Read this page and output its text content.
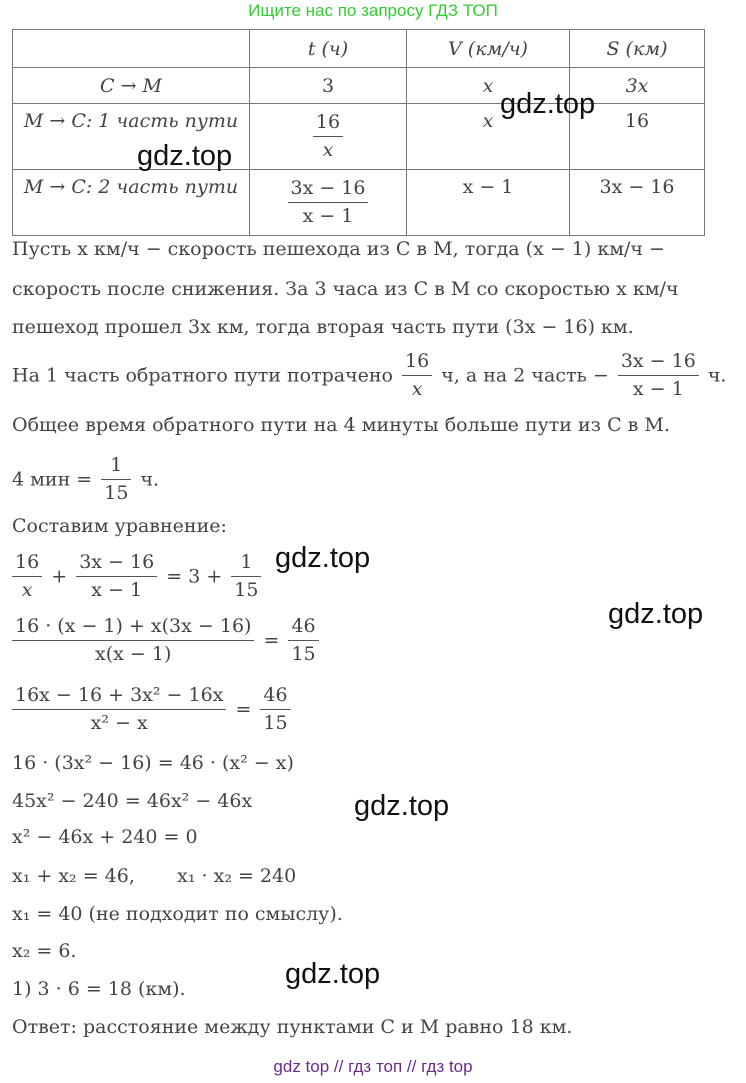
Ищите нас по запросу ГДЗ ТОП
	t (ч)	V (км/ч)	S (км)
C → M	3	x	3x
M → C: 1 часть пути	$\frac{16}{x}$	x	16
M → C: 2 часть пути	$\frac{3x - 16}{x - 1}$	x − 1	3x − 16
Пусть x км/ч − скорость пешехода из С в М, тогда (x − 1) км/ч −
скорость после снижения. За 3 часа из С в М со скоростью x км/ч
пешеход прошел 3x км, тогда вторая часть пути (3x − 16) км.
На 1 часть обратного пути потрачено $\frac{16}{x} ч$, а на 2 часть − $\frac{3x - 16}{x - 1} ч$.
Общее время обратного пути на 4 минуты больше пути из С в М.
4 мин = $\frac{1}{15} ч$.
Составим уравнение:
$\frac{16}{x} + \frac{3x - 16}{x - 1} = 3 + \frac{1}{15}$
$\frac{16 \cdot (x - 1) + x(3x - 16)}{x(x - 1)} = \frac{46}{15}$
$\frac{\text{16x − 16 + 3x² − 16x}}{\text{x² − x}} = \frac{46}{15}$
16 · (3x² − 16) = 46 · (x² − x)
45x² − 240 = 46x² − 46x
x² − 46x + 240 = 0
x₁ + x₂ = 46,       x₁ · x₂ = 240
x₁ = 40 (не подходит по смыслу).
x₂ = 6.
1) 3 · 6 = 18 (км).
Ответ: расстояние между пунктами C и M равно 18 км.
gdz.top
gdz.top
gdz.top
gdz.top
gdz.top
gdz.top
gdz top // гдз топ // гдз top
